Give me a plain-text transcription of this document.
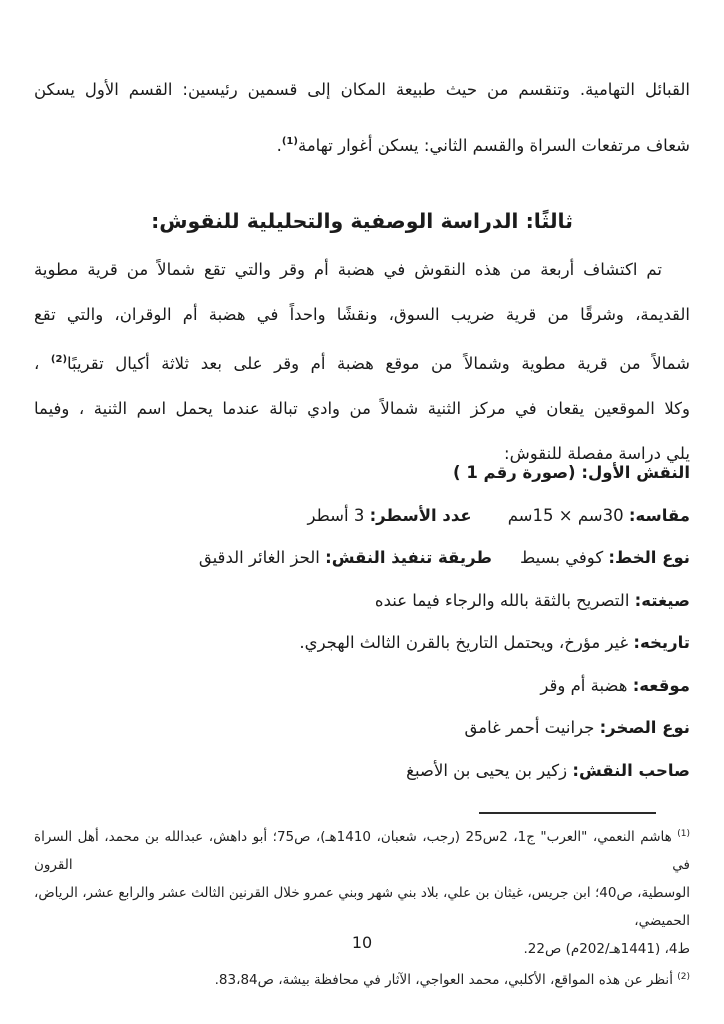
القبائل التهامية. وتنقسم من حيث طبيعة المكان إلى قسمين رئيسين: القسم الأول يسكن
شعاف مرتفعات السراة والقسم الثاني: يسكن أغوار تهامة$^{(1)}$.
ثالثًا: الدراسة الوصفية والتحليلية للنقوش:
تم اكتشاف أربعة من هذه النقوش في هضبة أم وقر والتي تقع شمالاً من قرية مطوية
القديمة، وشرقًا من قرية ضريب السوق، ونقشًا واحداً في هضبة أم الوقران، والتي تقع
شمالاً من قرية مطوية وشمالاً من موقع هضبة أم وقر على بعد ثلاثة أكيال تقريبًا$^{(2)}$ ،
وكلا الموقعين يقعان في مركز الثنية شمالاً من وادي تبالة عندما يحمل اسم الثنية ، وفيما
يلي دراسة مفصلة للنقوش:
النقش الأول: (صورة رقم 1 )
مقاسه: 30سم × 15سمعدد الأسطر: 3 أسطر
نوع الخط: كوفي بسيططريقة تنفيذ النقش: الحز الغائر الدقيق
صيغته: التصريح بالثقة بالله والرجاء فيما عنده
تاريخه: غير مؤرخ، ويحتمل التاريخ بالقرن الثالث الهجري.
موقعه: هضبة أم وقر
نوع الصخر: جرانيت أحمر غامق
صاحب النقش: زكير بن يحيى بن الأصبغ
$^{(1)}$ هاشم النعمي، "العرب" ج1، 2س25 (رجب، شعبان، 1410هـ)، ص75؛ أبو داهش، عبدالله بن محمد، أهل السراة في القرون
الوسطية، ص40؛ ابن جريس، غيثان بن علي، بلاد بني شهر وبني عمرو خلال القرنين الثالث عشر والرابع عشر، الرياض، الحميضي،
ط4، (1441هـ/202م) ص22.
$^{(2)}$ أنظر عن هذه المواقع، الأكلبي، محمد العواجي، الآثار في محافظة بيشة، ص83،84.
10
